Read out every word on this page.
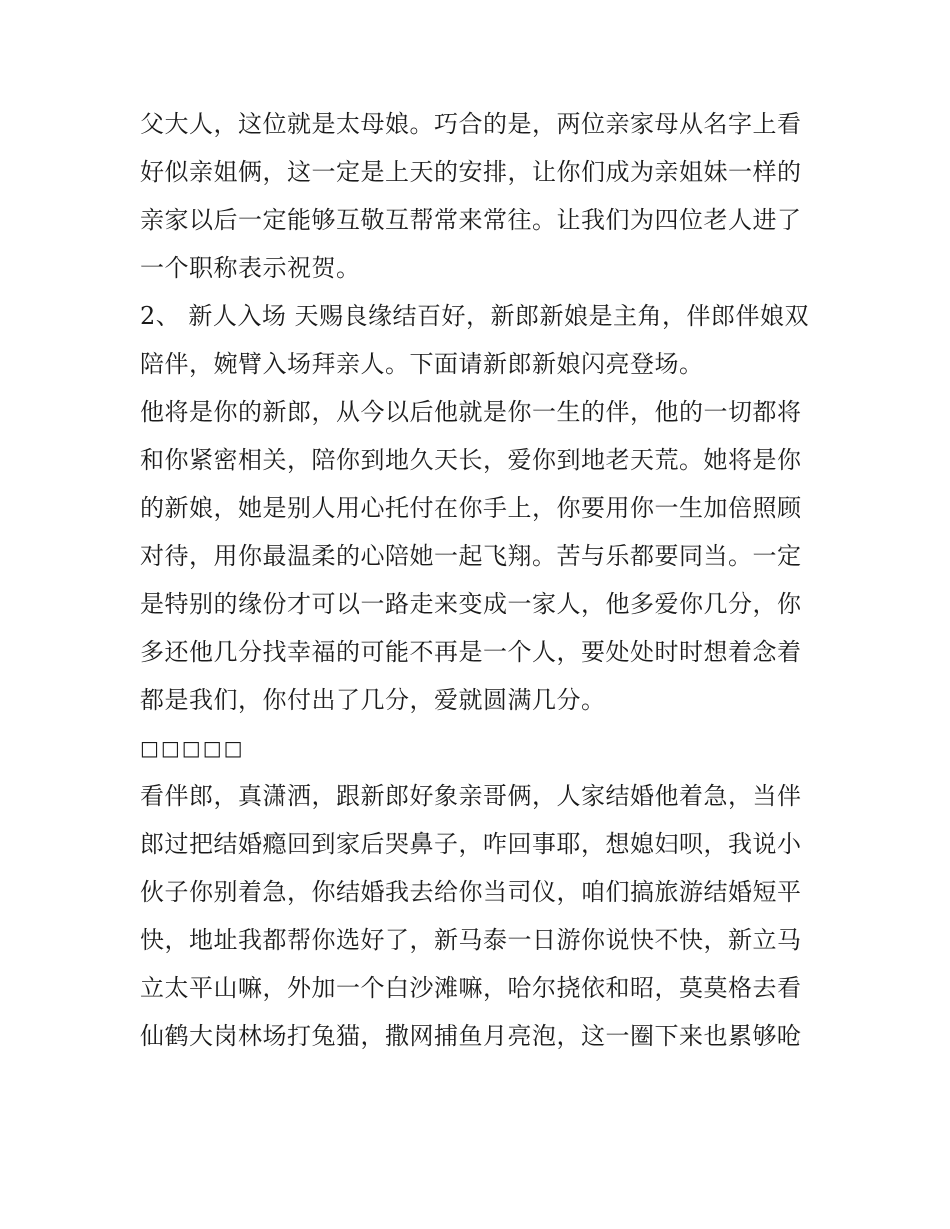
父大人，这位就是太母娘。巧合的是，两位亲家母从名字上看
好似亲姐俩，这一定是上天的安排，让你们成为亲姐妹一样的
亲家以后一定能够互敬互帮常来常往。让我们为四位老人进了
一个职称表示祝贺。
2、 新人入场 天赐良缘结百好，新郎新娘是主角，伴郎伴娘双
陪伴，婉臂入场拜亲人。下面请新郎新娘闪亮登场。
他将是你的新郎，从今以后他就是你一生的伴，他的一切都将
和你紧密相关，陪你到地久天长，爱你到地老天荒。她将是你
的新娘，她是别人用心托付在你手上，你要用你一生加倍照顾
对待，用你最温柔的心陪她一起飞翔。苦与乐都要同当。一定
是特别的缘份才可以一路走来变成一家人，他多爱你几分，你
多还他几分找幸福的可能不再是一个人，要处处时时想着念着
都是我们，你付出了几分，爱就圆满几分。
□□□□□
看伴郎，真潇洒，跟新郎好象亲哥俩，人家结婚他着急，当伴
郎过把结婚瘾回到家后哭鼻子，咋回事耶，想媳妇呗，我说小
伙子你别着急，你结婚我去给你当司仪，咱们搞旅游结婚短平
快，地址我都帮你选好了，新马泰一日游你说快不快，新立马
立太平山嘛，外加一个白沙滩嘛，哈尔挠依和昭，莫莫格去看
仙鹤大岗林场打兔猫，撒网捕鱼月亮泡，这一圈下来也累够呛
